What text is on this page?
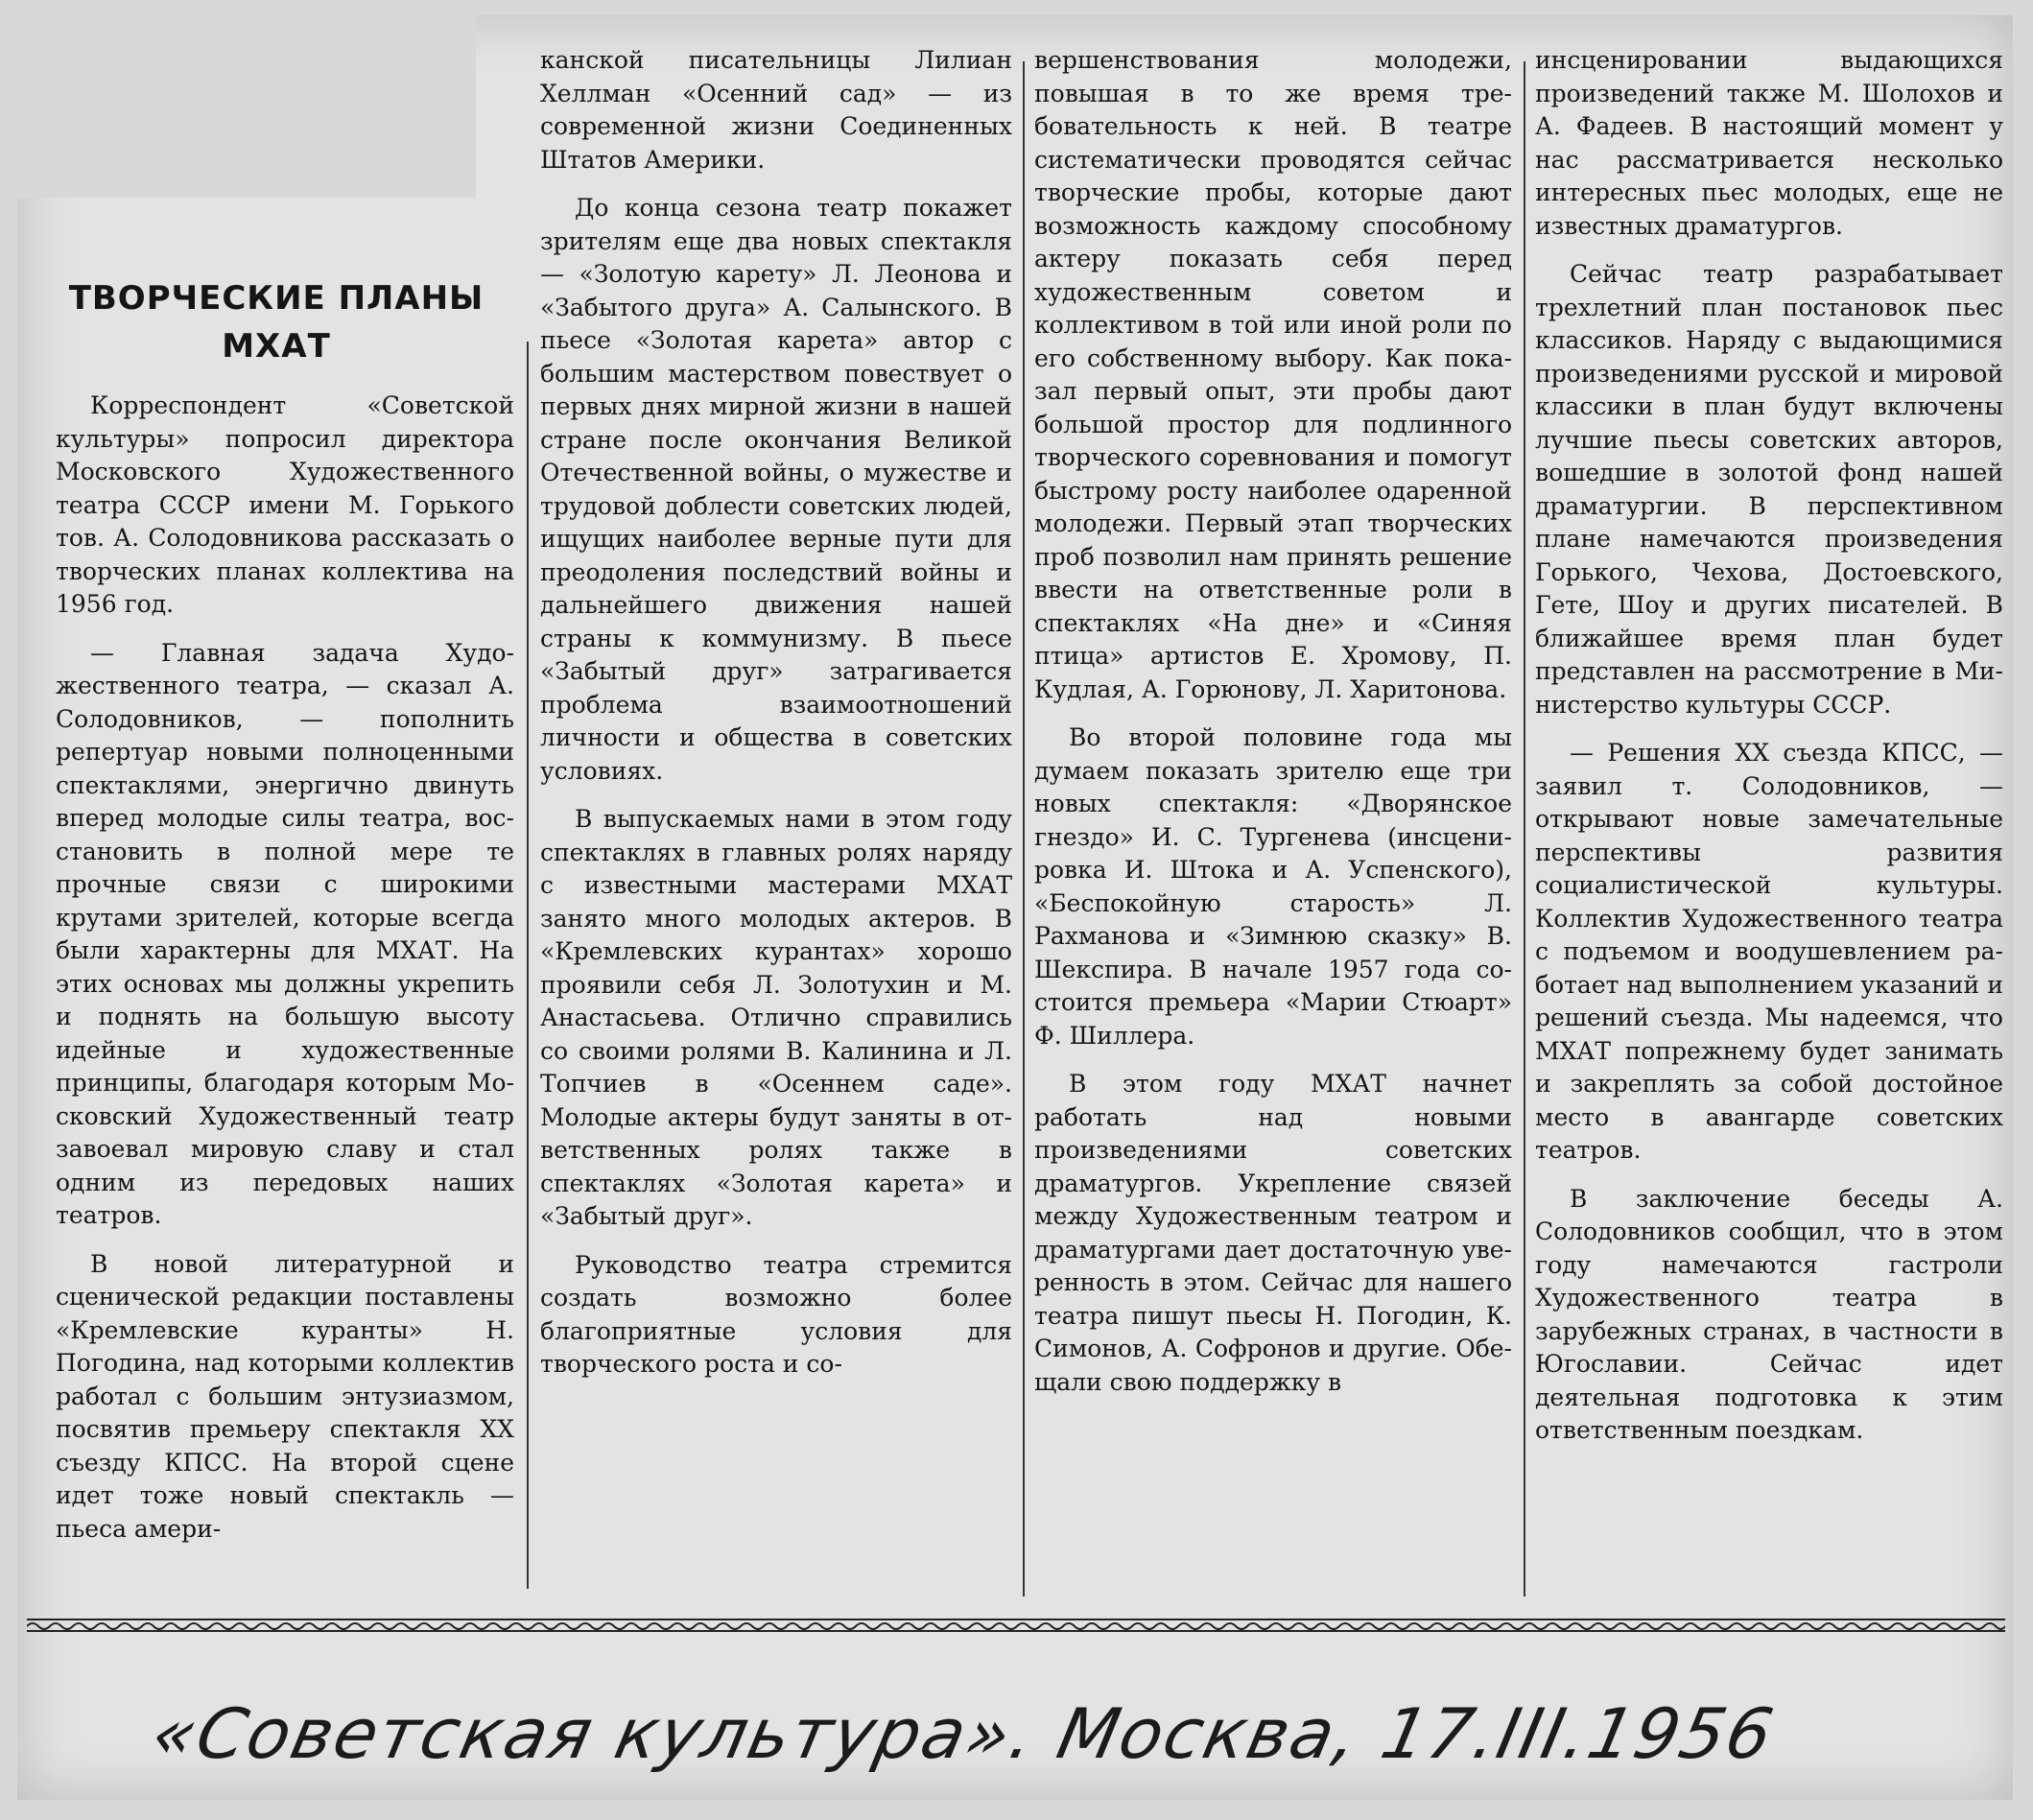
ТВОРЧЕСКИЕ ПЛАНЫ
МХАТ

Корреспондент «Советской культуры» попросил директора Московского Художественного театра СССР имени М. Горького тов. А. Солодовникова рассказать о творческих планах коллектива на 1956 год.

— Главная задача Художественного театра, — сказал А. Солодовников, — пополнить репертуар новыми полноценными спектаклями, энергично двинуть вперед молодые силы театра, восстановить в полной мере те прочные связи с широкими крутами зрителей, которые всегда были характерны для МХАТ. На этих основах мы должны укрепить и поднять на большую высоту идейные и художественные принципы, благодаря которым Московский Художественный театр завоевал мировую славу и стал одним из передовых наших театров.

В новой литературной и сценической редакции поставлены «Кремлевские куранты» Н. Погодина, над которыми коллектив работал с большим энтузиазмом, посвятив премьеру спектакля XX съезду КПСС. На второй сцене идет тоже новый спектакль — пьеса амери-

канской писательницы Лилиан Хеллман «Осенний сад» — из современной жизни Соединенных Штатов Америки.

До конца сезона театр покажет зрителям еще два новых спектакля — «Золотую карету» Л. Леонова и «Забытого друга» А. Салынского. В пьесе «Золотая карета» автор с большим мастерством повествует о первых днях мирной жизни в нашей стране после окончания Великой Отечественной войны, о мужестве и трудовой доблести советских людей, ищущих наиболее верные пути для преодоления последствий войны и дальнейшего движения нашей страны к коммунизму. В пьесе «Забытый друг» затрагивается проблема взаимоотношений личности и общества в советских условиях.

В выпускаемых нами в этом году спектаклях в главных ролях наряду с известными мастерами МХАТ занято много молодых актеров. В «Кремлевских курантах» хорошо проявили себя Л. Золотухин и М. Анастасьева. Отлично справились со своими ролями В. Калинина и Л. Топчиев в «Осеннем саде». Молодые актеры будут заняты в ответственных ролях также в спектаклях «Золотая карета» и «Забытый друг».

Руководство театра стремится создать возможно более благоприятные условия для творческого роста и со-

вершенствования молодежи, повышая в то же время требовательность к ней. В театре систематически проводятся сейчас творческие пробы, которые дают возможность каждому способному актеру показать себя перед художественным советом и коллективом в той или иной роли по его собственному выбору. Как показал первый опыт, эти пробы дают большой простор для подлинного творческого соревнования и помогут быстрому росту наиболее одаренной молодежи. Первый этап творческих проб позволил нам принять решение ввести на ответственные роли в спектаклях «На дне» и «Синяя птица» артистов Е. Хромову, П. Кудлая, А. Горюнову, Л. Харитонова.

Во второй половине года мы думаем показать зрителю еще три новых спектакля: «Дворянское гнездо» И. С. Тургенева (инсценировка И. Штока и А. Успенского), «Беспокойную старость» Л. Рахманова и «Зимнюю сказку» В. Шекспира. В начале 1957 года состоится премьера «Марии Стюарт» Ф. Шиллера.

В этом году МХАТ начнет работать над новыми произведениями советских драматургов. Укрепление связей между Художественным театром и драматургами дает достаточную уверенность в этом. Сейчас для нашего театра пишут пьесы Н. Погодин, К. Симонов, А. Софронов и другие. Обещали свою поддержку в

инсценировании выдающихся произведений также М. Шолохов и А. Фадеев. В настоящий момент у нас рассматривается несколько интересных пьес молодых, еще не известных драматургов.

Сейчас театр разрабатывает трехлетний план постановок пьес классиков. Наряду с выдающимися произведениями русской и мировой классики в план будут включены лучшие пьесы советских авторов, вошедшие в золотой фонд нашей драматургии. В перспективном плане намечаются произведения Горького, Чехова, Достоевского, Гете, Шоу и других писателей. В ближайшее время план будет представлен на рассмотрение в Министерство культуры СССР.

— Решения XX съезда КПСС, — заявил т. Солодовников, — открывают новые замечательные перспективы развития социалистической культуры. Коллектив Художественного театра с подъемом и воодушевлением работает над выполнением указаний и решений съезда. Мы надеемся, что МХАТ попрежнему будет занимать и закреплять за собой достойное место в авангарде советских театров.

В заключение беседы А. Солодовников сообщил, что в этом году намечаются гастроли Художественного театра в зарубежных странах, в частности в Югославии. Сейчас идет деятельная подготовка к этим ответственным поездкам.

«Советская культура». Москва, 17.III.1956
